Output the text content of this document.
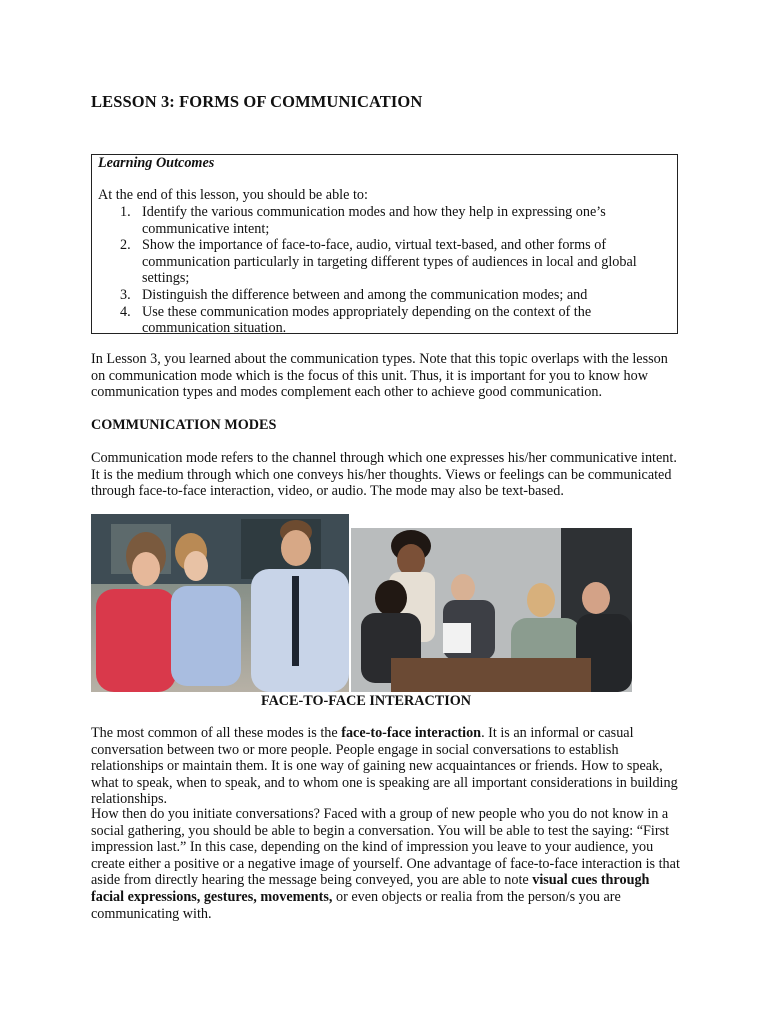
LESSON 3: FORMS OF COMMUNICATION
Learning Outcomes
At the end of this lesson, you should be able to:
1. Identify the various communication modes and how they help in expressing one’s communicative intent;
2. Show the importance of face-to-face, audio, virtual text-based, and other forms of communication particularly in targeting different types of audiences in local and global settings;
3. Distinguish the difference between and among the communication modes; and
4. Use these communication modes appropriately depending on the context of the communication situation.
In Lesson 3, you learned about the communication types. Note that this topic overlaps with the lesson on communication mode which is the focus of this unit. Thus, it is important for you to know how communication types and modes complement each other to achieve good communication.
COMMUNICATION MODES
Communication mode refers to the channel through which one expresses his/her communicative intent. It is the medium through which one conveys his/her thoughts. Views or feelings can be communicated through face-to-face interaction, video, or audio. The mode may also be text-based.
FACE-TO-FACE INTERACTION
The most common of all these modes is the face-to-face interaction. It is an informal or casual conversation between two or more people. People engage in social conversations to establish relationships or maintain them. It is one way of gaining new acquaintances or friends. How to speak, what to speak, when to speak, and to whom one is speaking are all important considerations in building relationships.
How then do you initiate conversations? Faced with a group of new people who you do not know in a social gathering, you should be able to begin a conversation. You will be able to test the saying: “First impression last.” In this case, depending on the kind of impression you leave to your audience, you create either a positive or a negative image of yourself. One advantage of face-to-face interaction is that aside from directly hearing the message being conveyed, you are able to note visual cues through facial expressions, gestures, movements, or even objects or realia from the person/s you are communicating with.
